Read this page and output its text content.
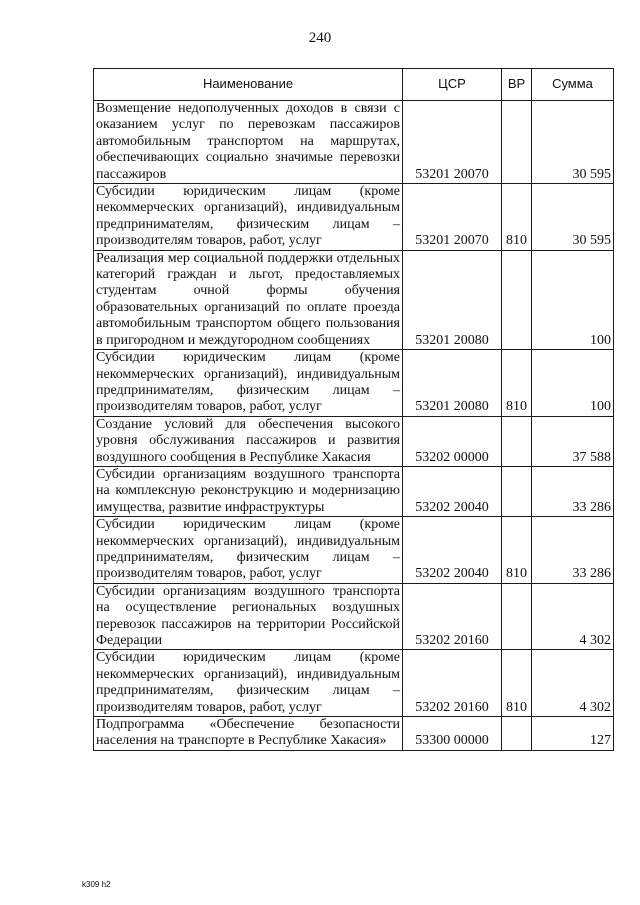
240
Наименование	ЦСР	ВР	Сумма
Возмещение недополученных доходов в связи с оказанием услуг по перевозкам пассажиров автомобильным транспортом на маршрутах, обеспечивающих социально значимые перевозки пассажиров	53201 20070		30 595
Субсидии юридическим лицам (кроме некоммерческих организаций), индивидуальным предпринимателям, физическим лицам – производителям товаров, работ, услуг	53201 20070	810	30 595
Реализация мер социальной поддержки отдельных категорий граждан и льгот, предоставляемых студентам очной формы обучения образовательных организаций по оплате проезда автомобильным транспортом общего пользования в пригородном и междугородном сообщениях	53201 20080		100
Субсидии юридическим лицам (кроме некоммерческих организаций), индивидуальным предпринимателям, физическим лицам – производителям товаров, работ, услуг	53201 20080	810	100
Создание условий для обеспечения высокого уровня обслуживания пассажиров и развития воздушного сообщения в Республике Хакасия	53202 00000		37 588
Субсидии организациям воздушного транспорта на комплексную реконструкцию и модернизацию имущества, развитие инфраструктуры	53202 20040		33 286
Субсидии юридическим лицам (кроме некоммерческих организаций), индивидуальным предпринимателям, физическим лицам – производителям товаров, работ, услуг	53202 20040	810	33 286
Субсидии организациям воздушного транспорта на осуществление региональных воздушных перевозок пассажиров на территории Российской Федерации	53202 20160		4 302
Субсидии юридическим лицам (кроме некоммерческих организаций), индивидуальным предпринимателям, физическим лицам – производителям товаров, работ, услуг	53202 20160	810	4 302
Подпрограмма «Обеспечение безопасности населения на транспорте в Республике Хакасия»	53300 00000		127
k309 h2
